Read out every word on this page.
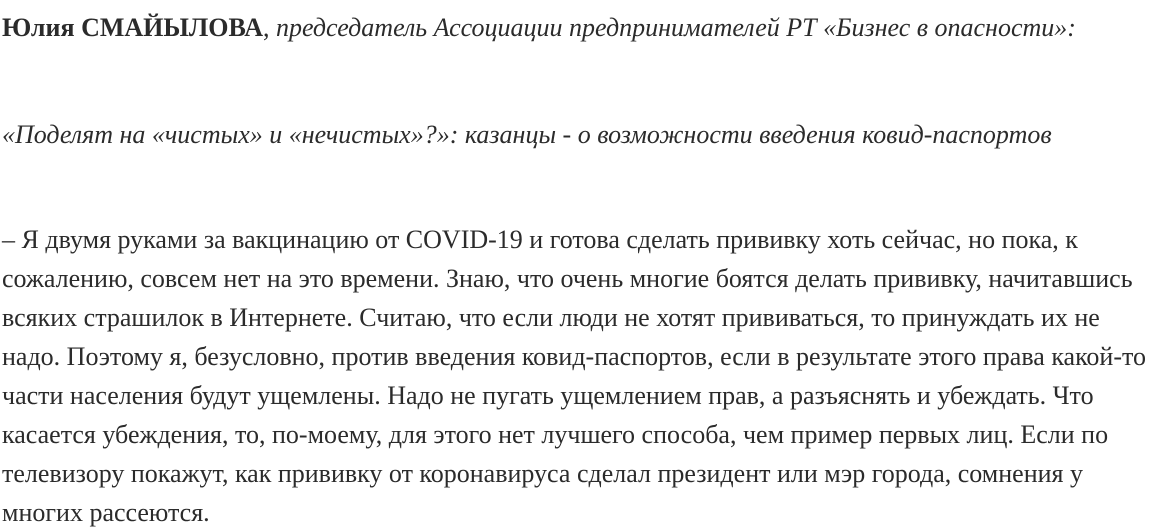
Юлия СМАЙЫЛОВА, председатель Ассоциации предпринимателей РТ «Бизнес в опасности»:

«Поделят на «чистых» и «нечистых»?»: казанцы - о возможности введения ковид-паспортов

– Я двумя руками за вакцинацию от COVID-19 и готова сделать прививку хоть сейчас, но пока, к сожалению, совсем нет на это времени. Знаю, что очень многие боятся делать прививку, начитавшись всяких страшилок в Интернете. Считаю, что если люди не хотят прививаться, то принуждать их не надо. Поэтому я, безусловно, против введения ковид-паспортов, если в результате этого права какой-то части населения будут ущемлены. Надо не пугать ущемлением прав, а разъяснять и убеждать. Что касается убеждения, то, по-моему, для этого нет лучшего способа, чем пример первых лиц. Если по телевизору покажут, как прививку от коронавируса сделал президент или мэр города, сомнения у многих рассеются.
